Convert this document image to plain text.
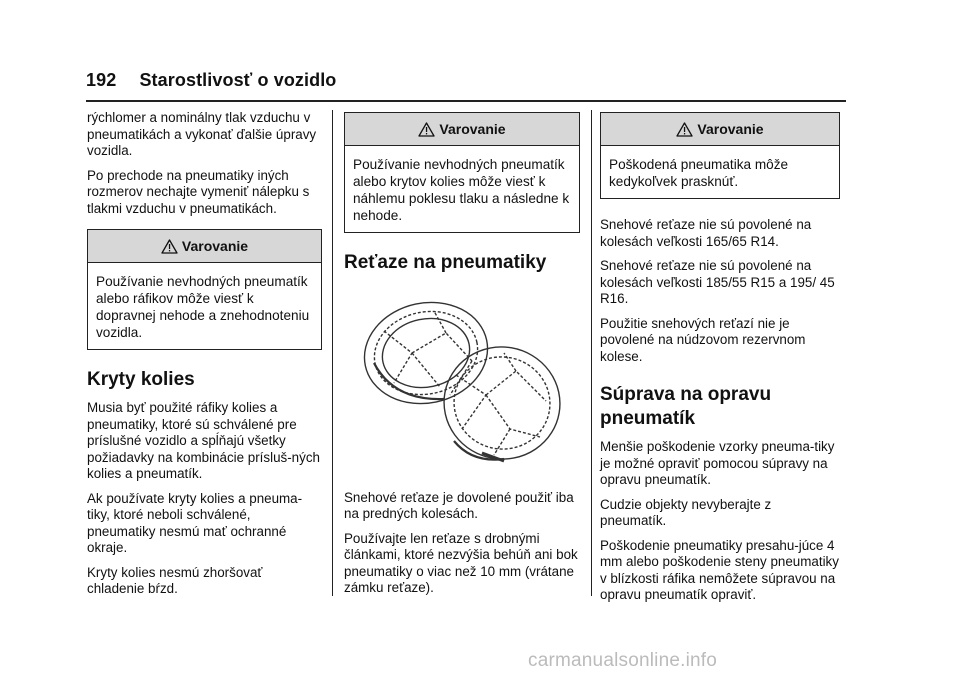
192 Starostlivosť o vozidlo

rýchlomer a nominálny tlak vzduchu v pneumatikách a vykonať ďalšie úpravy vozidla.

Po prechode na pneumatiky iných rozmerov nechajte vymeniť nálepku s tlakmi vzduchu v pneumatikách.

Varovanie
Používanie nevhodných pneumatík alebo ráfikov môže viesť k dopravnej nehode a znehodnoteniu vozidla.
Kryty kolies

Musia byť použité ráfiky kolies a pneumatiky, ktoré sú schválené pre príslušné vozidlo a spĺňajú všetky požiadavky na kombinácie prísluš-ných kolies a pneumatík.

Ak používate kryty kolies a pneuma-tiky, ktoré neboli schválené, pneumatiky nesmú mať ochranné okraje.

Kryty kolies nesmú zhoršovať chladenie bŕzd.

Varovanie
Používanie nevhodných pneumatík alebo krytov kolies môže viesť k náhlemu poklesu tlaku a následne k nehode.
Reťaze na pneumatiky

Snehové reťaze je dovolené použiť iba na predných kolesách.

Používajte len reťaze s drobnými článkami, ktoré nezvýšia behúň ani bok pneumatiky o viac než 10 mm (vrátane zámku reťaze).

Varovanie
Poškodená pneumatika môže kedykoľvek prasknúť.

Snehové reťaze nie sú povolené na kolesách veľkosti 165/65 R14.

Snehové reťaze nie sú povolené na kolesách veľkosti 185/55 R15 a 195/ 45 R16.

Použitie snehových reťazí nie je povolené na núdzovom rezervnom kolese.

Súprava na opravu pneumatík

Menšie poškodenie vzorky pneuma-tiky je možné opraviť pomocou súpravy na opravu pneumatík.

Cudzie objekty nevyberajte z pneumatík.

Poškodenie pneumatiky presahu-júce 4 mm alebo poškodenie steny pneumatiky v blízkosti ráfika nemôžete súpravou na opravu pneumatík opraviť.

carmanualsonline.info
